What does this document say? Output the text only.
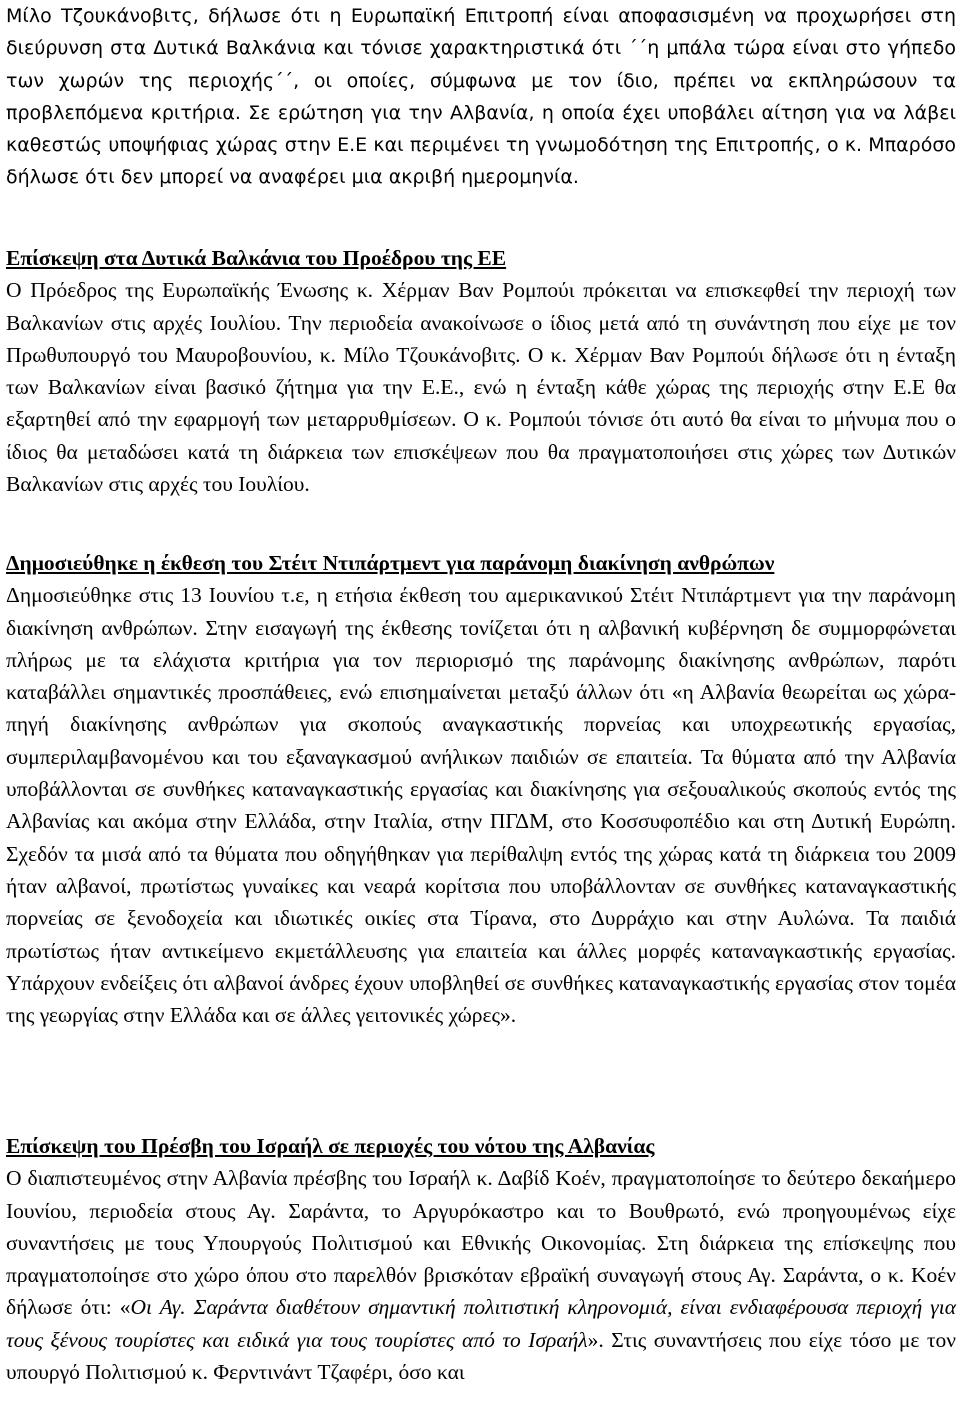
Μίλο Τζουκάνοβιτς, δήλωσε ότι η Ευρωπαϊκή Επιτροπή είναι αποφασισμένη να προχωρήσει στη διεύρυνση στα Δυτικά Βαλκάνια και τόνισε χαρακτηριστικά ότι ´´η μπάλα τώρα είναι στο γήπεδο των χωρών της περιοχής´´, οι οποίες, σύμφωνα με τον ίδιο, πρέπει να εκπληρώσουν τα προβλεπόμενα κριτήρια. Σε ερώτηση για την Αλβανία, η οποία έχει υποβάλει αίτηση για να λάβει καθεστώς υποψήφιας χώρας στην Ε.Ε και περιμένει τη γνωμοδότηση της Επιτροπής, ο κ. Μπαρόσο δήλωσε ότι δεν μπορεί να αναφέρει μια ακριβή ημερομηνία.

Επίσκεψη στα Δυτικά Βαλκάνια του Προέδρου της ΕΕ
Ο Πρόεδρος της Ευρωπαϊκής Ένωσης κ. Χέρμαν Βαν Ρομπούι πρόκειται να επισκεφθεί την περιοχή των Βαλκανίων στις αρχές Ιουλίου. Την περιοδεία ανακοίνωσε ο ίδιος μετά από τη συνάντηση που είχε με τον Πρωθυπουργό του Μαυροβουνίου, κ. Μίλο Τζουκάνοβιτς. Ο κ. Χέρμαν Βαν Ρομπούι δήλωσε ότι η ένταξη των Βαλκανίων είναι βασικό ζήτημα για την Ε.Ε., ενώ η ένταξη κάθε χώρας της περιοχής στην Ε.Ε θα εξαρτηθεί από την εφαρμογή των μεταρρυθμίσεων. Ο κ. Ρομπούι τόνισε ότι αυτό θα είναι το μήνυμα που ο ίδιος θα μεταδώσει κατά τη διάρκεια των επισκέψεων που θα πραγματοποιήσει στις χώρες των Δυτικών Βαλκανίων στις αρχές του Ιουλίου.
Δημοσιεύθηκε η έκθεση του Στέιτ Ντιπάρτμεντ για παράνομη διακίνηση ανθρώπων
Δημοσιεύθηκε στις 13 Ιουνίου τ.ε, η ετήσια έκθεση του αμερικανικού Στέιτ Ντιπάρτμεντ για την παράνομη διακίνηση ανθρώπων. Στην εισαγωγή της έκθεσης τονίζεται ότι η αλβανική κυβέρνηση δε συμμορφώνεται πλήρως με τα ελάχιστα κριτήρια για τον περιορισμό της παράνομης διακίνησης ανθρώπων, παρότι καταβάλλει σημαντικές προσπάθειες, ενώ επισημαίνεται μεταξύ άλλων ότι «η Αλβανία θεωρείται ως χώρα-πηγή διακίνησης ανθρώπων για σκοπούς αναγκαστικής πορνείας και υποχρεωτικής εργασίας, συμπεριλαμβανομένου και του εξαναγκασμού ανήλικων παιδιών σε επαιτεία. Τα θύματα από την Αλβανία υποβάλλονται σε συνθήκες καταναγκαστικής εργασίας και διακίνησης για σεξουαλικούς σκοπούς εντός της Αλβανίας και ακόμα στην Ελλάδα, στην Ιταλία, στην ΠΓΔΜ, στο Κοσσυφοπέδιο και στη Δυτική Ευρώπη. Σχεδόν τα μισά από τα θύματα που οδηγήθηκαν για περίθαλψη εντός της χώρας κατά τη διάρκεια του 2009 ήταν αλβανοί, πρωτίστως γυναίκες και νεαρά κορίτσια που υποβάλλονταν σε συνθήκες καταναγκαστικής πορνείας σε ξενοδοχεία και ιδιωτικές οικίες στα Τίρανα, στο Δυρράχιο και στην Αυλώνα. Τα παιδιά πρωτίστως ήταν αντικείμενο εκμετάλλευσης για επαιτεία και άλλες μορφές καταναγκαστικής εργασίας. Υπάρχουν ενδείξεις ότι αλβανοί άνδρες έχουν υποβληθεί σε συνθήκες καταναγκαστικής εργασίας στον τομέα της γεωργίας στην Ελλάδα και σε άλλες γειτονικές χώρες».
Επίσκεψη του Πρέσβη του Ισραήλ σε περιοχές του νότου της Αλβανίας
Ο διαπιστευμένος στην Αλβανία πρέσβης του Ισραήλ κ. Δαβίδ Κοέν, πραγματοποίησε το δεύτερο δεκαήμερο Ιουνίου, περιοδεία στους Αγ. Σαράντα, το Αργυρόκαστρο και το Βουθρωτό, ενώ προηγουμένως είχε συναντήσεις με τους Υπουργούς Πολιτισμού και Εθνικής Οικονομίας. Στη διάρκεια της επίσκεψης που πραγματοποίησε στο χώρο όπου στο παρελθόν βρισκόταν εβραϊκή συναγωγή στους Αγ. Σαράντα, ο κ. Κοέν δήλωσε ότι: «Οι Αγ. Σαράντα διαθέτουν σημαντική πολιτιστική κληρονομιά, είναι ενδιαφέρουσα περιοχή για τους ξένους τουρίστες και ειδικά για τους τουρίστες από το Ισραήλ». Στις συναντήσεις που είχε τόσο με τον υπουργό Πολιτισμού κ. Φερντινάντ Τζαφέρι, όσο και
